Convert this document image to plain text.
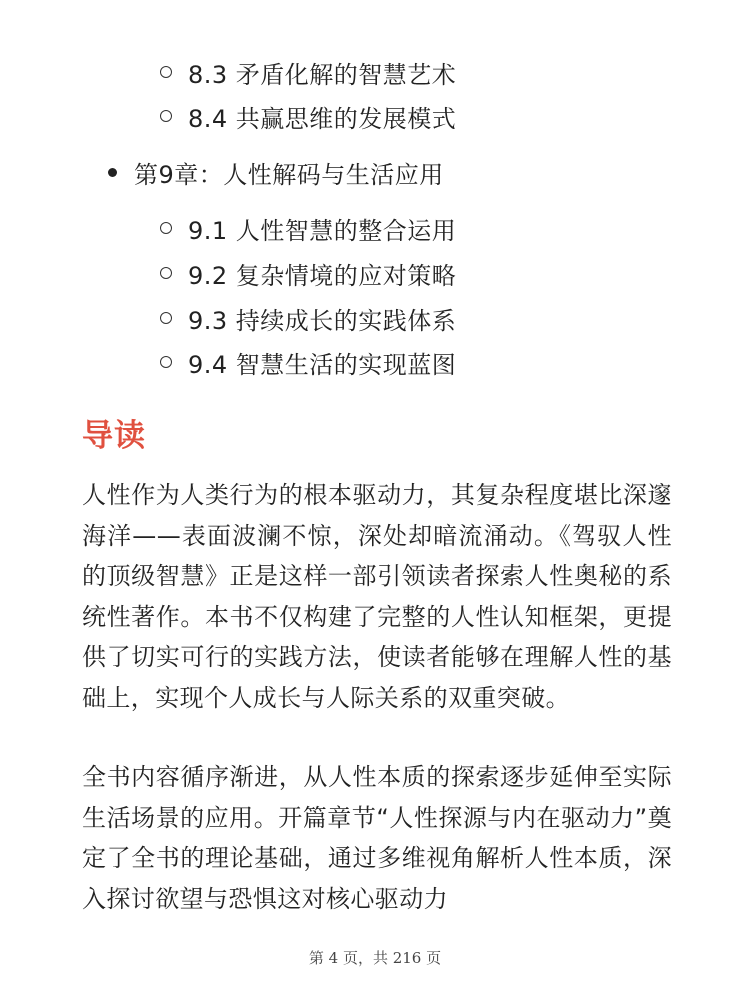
8.3 矛盾化解的智慧艺术
8.4 共赢思维的发展模式
第9章：人性解码与生活应用
9.1 人性智慧的整合运用
9.2 复杂情境的应对策略
9.3 持续成长的实践体系
9.4 智慧生活的实现蓝图
导读
人性作为人类行为的根本驱动力，其复杂程度堪比深邃海洋——表面波澜不惊，深处却暗流涌动。《驾驭人性的顶级智慧》正是这样一部引领读者探索人性奥秘的系统性著作。本书不仅构建了完整的人性认知框架，更提供了切实可行的实践方法，使读者能够在理解人性的基础上，实现个人成长与人际关系的双重突破。
全书内容循序渐进，从人性本质的探索逐步延伸至实际生活场景的应用。开篇章节“人性探源与内在驱动力”奠定了全书的理论基础，通过多维视角解析人性本质，深入探讨欲望与恐惧这对核心驱动力
第 4 页，共 216 页
